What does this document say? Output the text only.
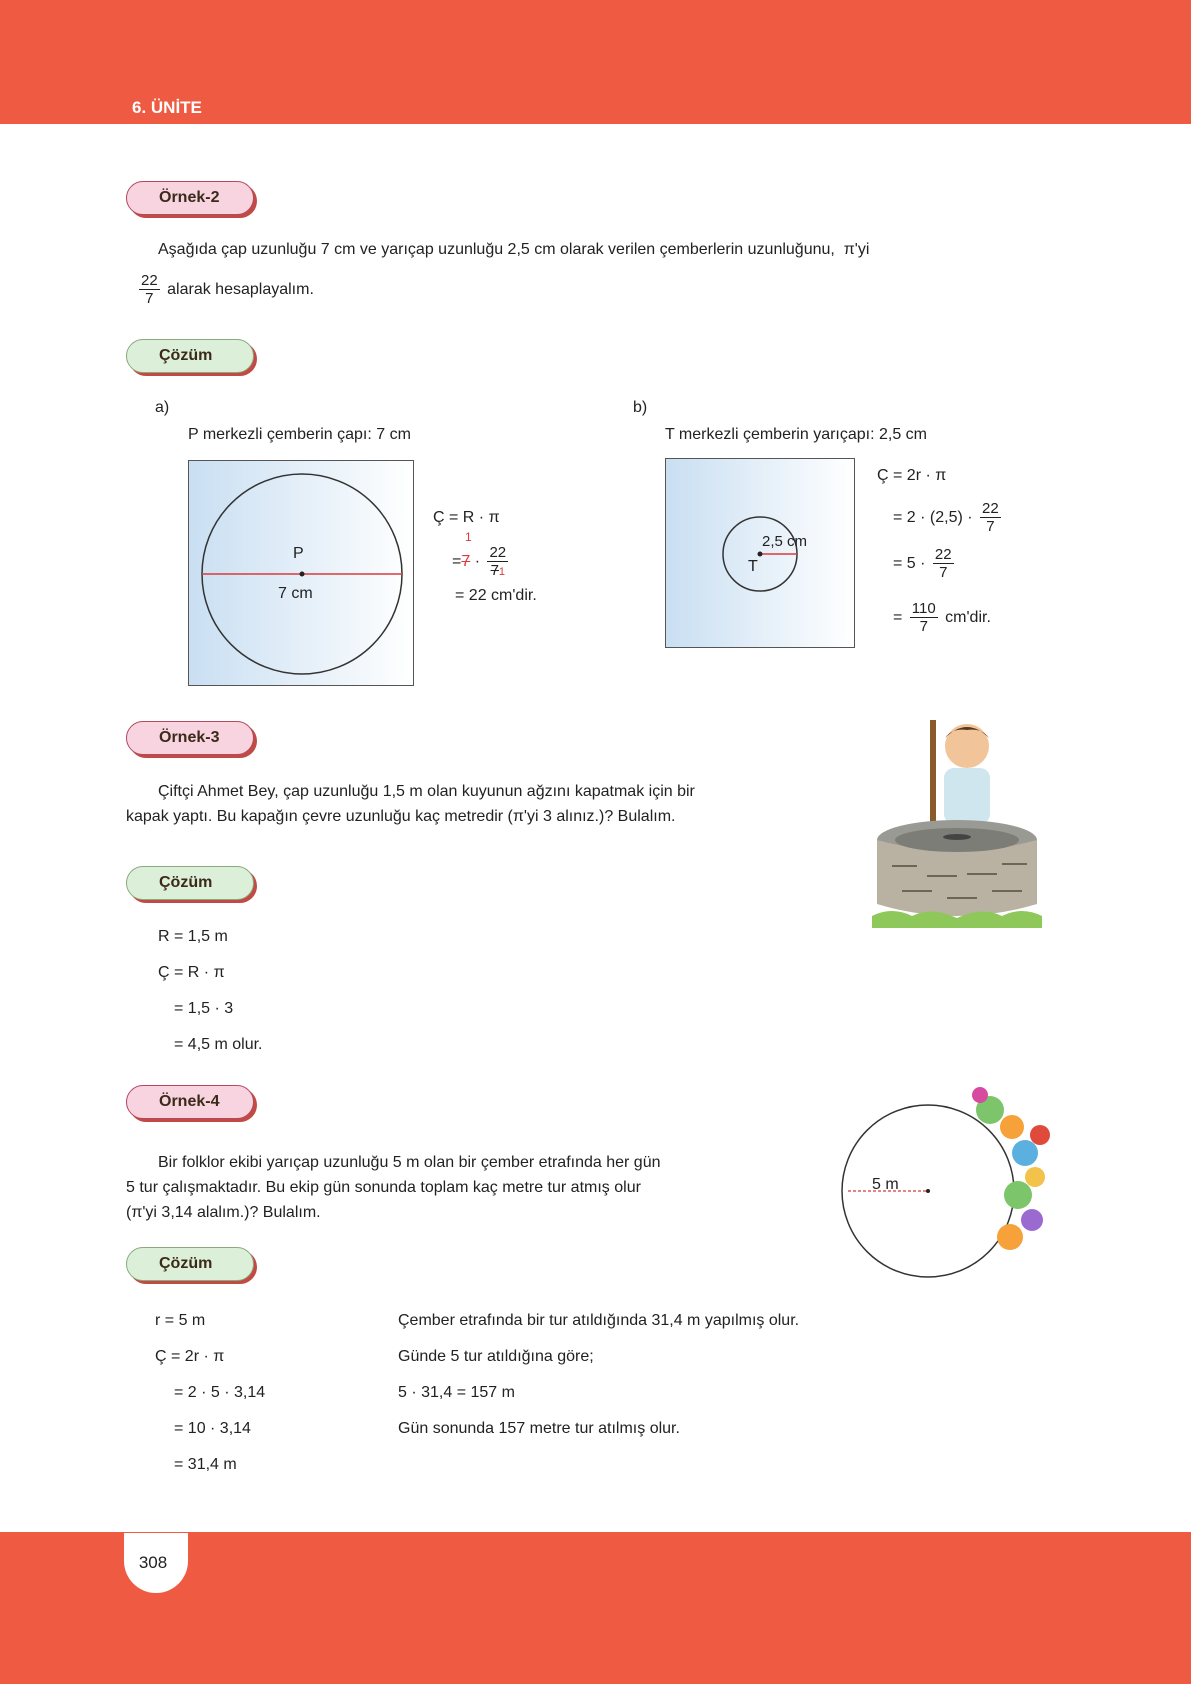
6. ÜNİTE
Örnek-2
Aşağıda çap uzunluğu 7 cm ve yarıçap uzunluğu 2,5 cm olarak verilen çemberlerin uzunluğunu, π'yi
$\frac{22}{7}$ alarak hesaplayalım.
Çözüm
a)
P merkezli çemberin çapı: 7 cm
P
7 cm
Ç = R · π
1
$=7 \cdot \frac{22}{71}$
= 22 cm'dir.
b)
T merkezli çemberin yarıçapı: 2,5 cm
T
2,5 cm
Ç = 2r · π
= $2 \cdot (2,5) \cdot \frac{22}{7}$
= $5 \cdot \frac{22}{7}$
= $\frac{110}{7} cm'dir$.
Örnek-3
Çiftçi Ahmet Bey, çap uzunluğu 1,5 m olan kuyunun ağzını kapatmak için bir
kapak yaptı. Bu kapağın çevre uzunluğu kaç metredir (π'yi 3 alınız.)? Bulalım.
Çözüm
R = 1,5 m
Ç = R · π
= 1,5 · 3
= 4,5 m olur.
Örnek-4
Bir folklor ekibi yarıçap uzunluğu 5 m olan bir çember etrafında her gün
5 tur çalışmaktadır. Bu ekip gün sonunda toplam kaç metre tur atmış olur
(π'yi 3,14 alalım.)? Bulalım.
5 m
Çözüm
r = 5 m
Ç = 2r · π
= 2 · 5 · 3,14
= 10 · 3,14
= 31,4 m
Çember etrafında bir tur atıldığında 31,4 m yapılmış olur.
Günde 5 tur atıldığına göre;
5 · 31,4 = 157 m
Gün sonunda 157 metre tur atılmış olur.
308
